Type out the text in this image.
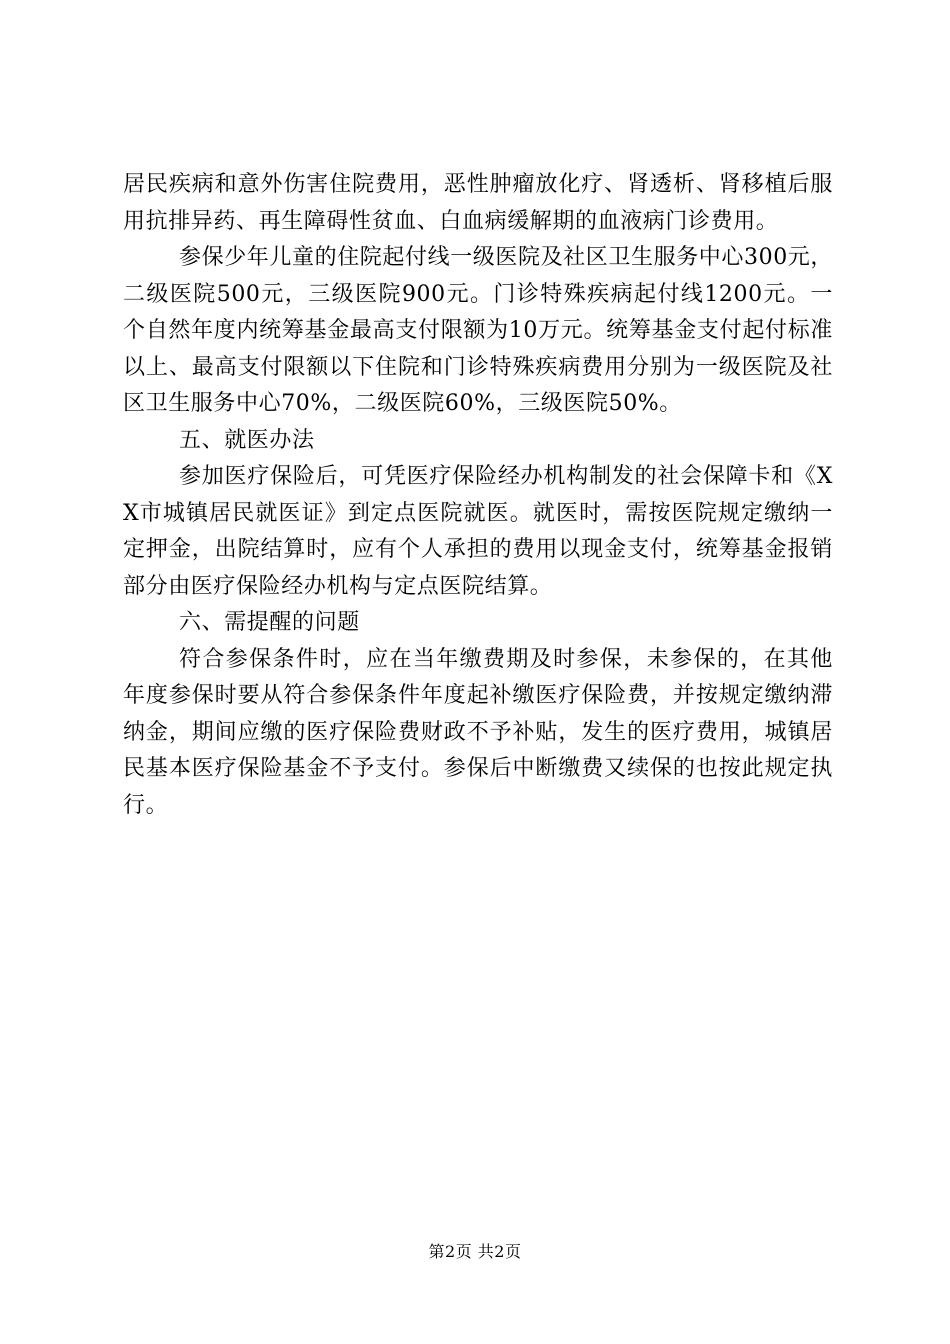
居民疾病和意外伤害住院费用，恶性肿瘤放化疗、肾透析、肾移植后服用抗排异药、再生障碍性贫血、白血病缓解期的血液病门诊费用。

参保少年儿童的住院起付线一级医院及社区卫生服务中心300元，二级医院500元，三级医院900元。门诊特殊疾病起付线1200元。一个自然年度内统筹基金最高支付限额为10万元。统筹基金支付起付标准以上、最高支付限额以下住院和门诊特殊疾病费用分别为一级医院及社区卫生服务中心70%，二级医院60%，三级医院50%。

五、就医办法

参加医疗保险后，可凭医疗保险经办机构制发的社会保障卡和《XX市城镇居民就医证》到定点医院就医。就医时，需按医院规定缴纳一定押金，出院结算时，应有个人承担的费用以现金支付，统筹基金报销部分由医疗保险经办机构与定点医院结算。

六、需提醒的问题

符合参保条件时，应在当年缴费期及时参保，未参保的，在其他年度参保时要从符合参保条件年度起补缴医疗保险费，并按规定缴纳滞纳金，期间应缴的医疗保险费财政不予补贴，发生的医疗费用，城镇居民基本医疗保险基金不予支付。参保后中断缴费又续保的也按此规定执行。

第2页 共2页
